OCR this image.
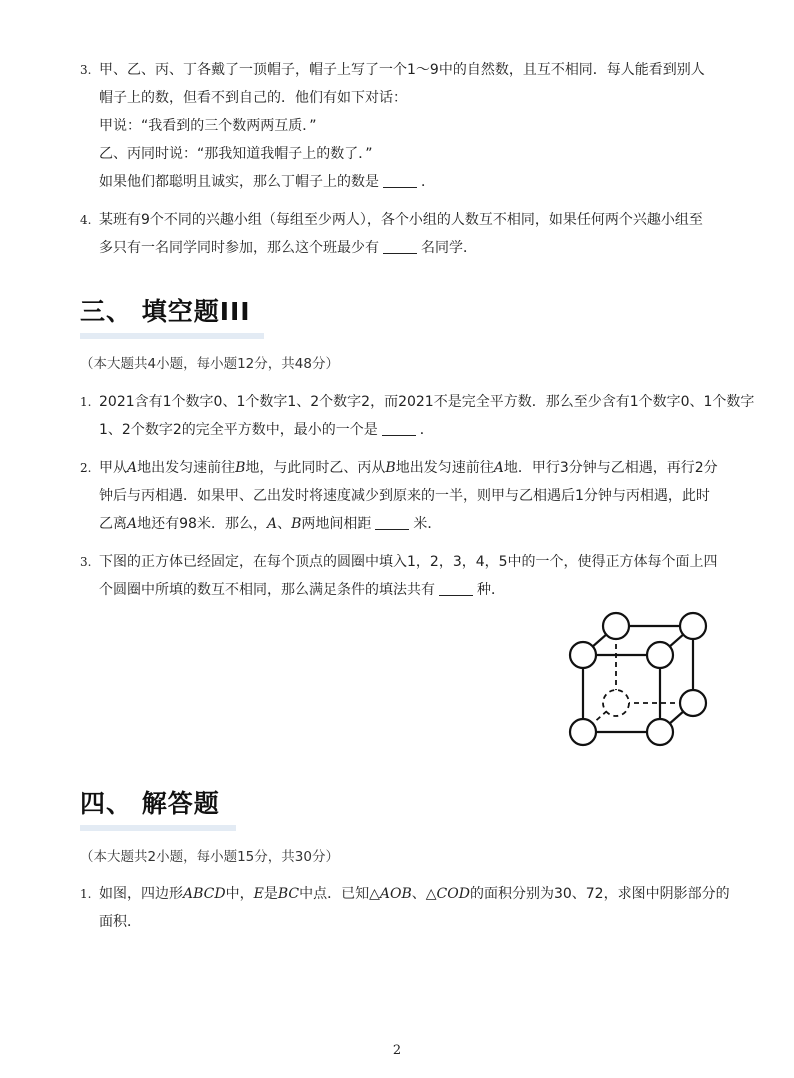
3. 甲、乙、丙、丁各戴了一顶帽子，帽子上写了一个1～9中的自然数，且互不相同．每人能看到别人
帽子上的数，但看不到自己的．他们有如下对话：
甲说：“我看到的三个数两两互质．”
乙、丙同时说：“那我知道我帽子上的数了．”
如果他们都聪明且诚实，那么丁帽子上的数是	．
4. 某班有9个不同的兴趣小组（每组至少两人），各个小组的人数互不相同，如果任何两个兴趣小组至
多只有一名同学同时参加，那么这个班最少有	名同学．
三、 填空题III
（本大题共4小题，每小题12分，共48分）
1. 2021含有1个数字0、1个数字1、2个数字2，而2021不是完全平方数．那么至少含有1个数字0、1个数字
1、2个数字2的完全平方数中，最小的一个是	．
2. 甲从A地出发匀速前往B地，与此同时乙、丙从B地出发匀速前往A地．甲行3分钟与乙相遇，再行2分
钟后与丙相遇．如果甲、乙出发时将速度减少到原来的一半，则甲与乙相遇后1分钟与丙相遇，此时
乙离A地还有98米．那么，A、B两地间相距	米．
3. 下图的正方体已经固定，在每个顶点的圆圈中填入1，2，3，4，5中的一个，使得正方体每个面上四
个圆圈中所填的数互不相同，那么满足条件的填法共有	种．
四、 解答题
（本大题共2小题，每小题15分，共30分）
1. 如图，四边形ABCD中，E是BC中点．已知△AOB、△COD的面积分别为30、72，求图中阴影部分的
面积．
2
